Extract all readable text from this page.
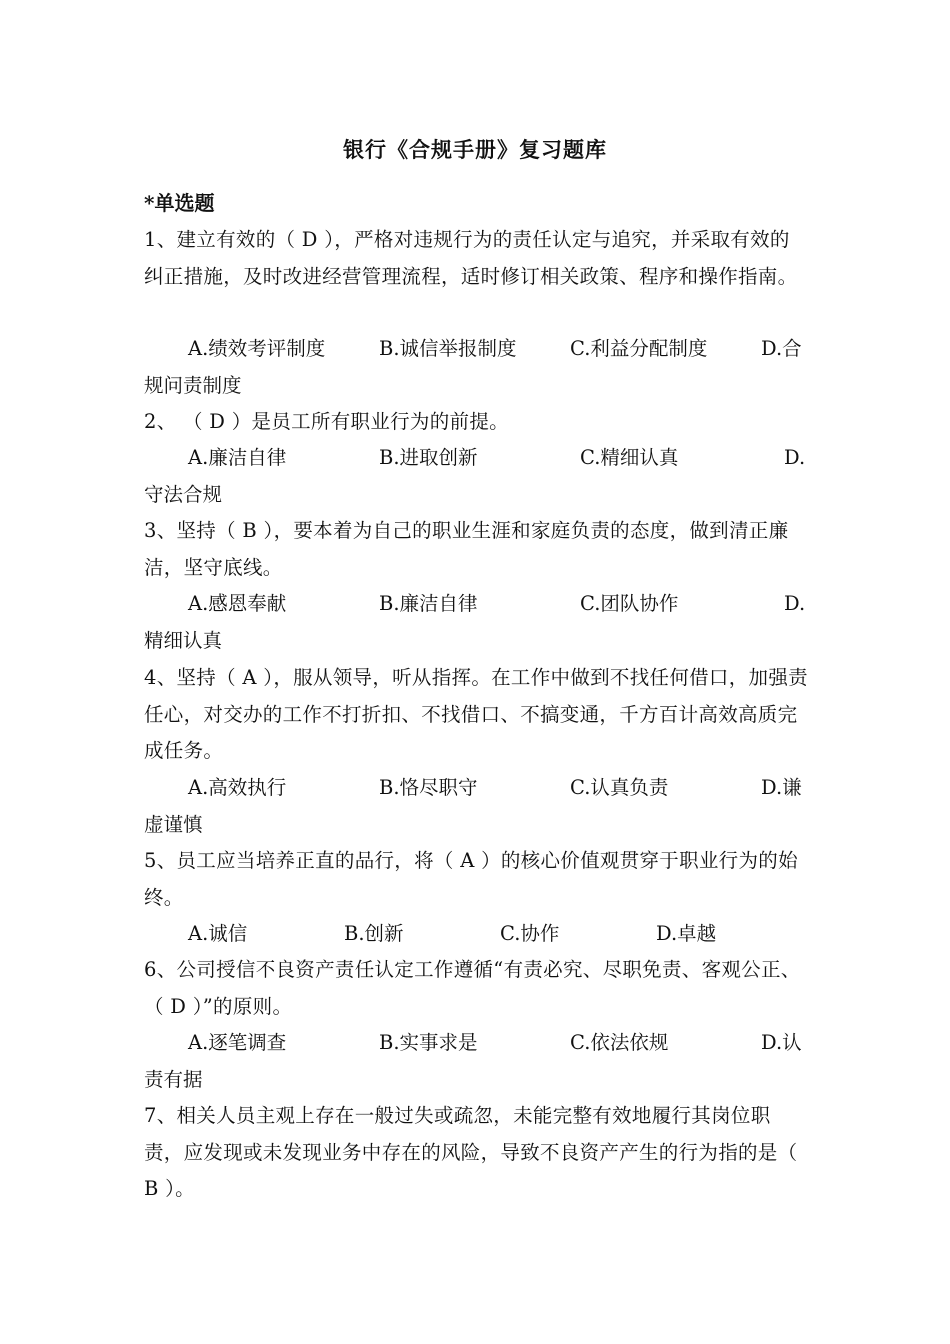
银行《合规手册》复习题库
*单选题
1、建立有效的（ D ），严格对违规行为的责任认定与追究，并采取有效的纠正措施，及时改进经营管理流程，适时修订相关政策、程序和操作指南。
A.绩效考评制度	B.诚信举报制度	C.利益分配制度	D.合
规问责制度
2、 （ D ）是员工所有职业行为的前提。
A.廉洁自律	B.进取创新	C.精细认真	D.
守法合规
3、坚持（ B ），要本着为自己的职业生涯和家庭负责的态度，做到清正廉洁，坚守底线。
A.感恩奉献	B.廉洁自律	C.团队协作	D.
精细认真
4、坚持（ A ），服从领导，听从指挥。在工作中做到不找任何借口，加强责任心，对交办的工作不打折扣、不找借口、不搞变通，千方百计高效高质完成任务。
A.高效执行	B.恪尽职守	C.认真负责	D.谦
虚谨慎
5、员工应当培养正直的品行，将（ A ）的核心价值观贯穿于职业行为的始终。
A.诚信	B.创新	C.协作	D.卓越
6、公司授信不良资产责任认定工作遵循“有责必究、尽职免责、客观公正、 （ D ）”的原则。
A.逐笔调查	B.实事求是	C.依法依规	D.认
责有据
7、相关人员主观上存在一般过失或疏忽，未能完整有效地履行其岗位职责，应发现或未发现业务中存在的风险，导致不良资产产生的行为指的是（ B ）。
